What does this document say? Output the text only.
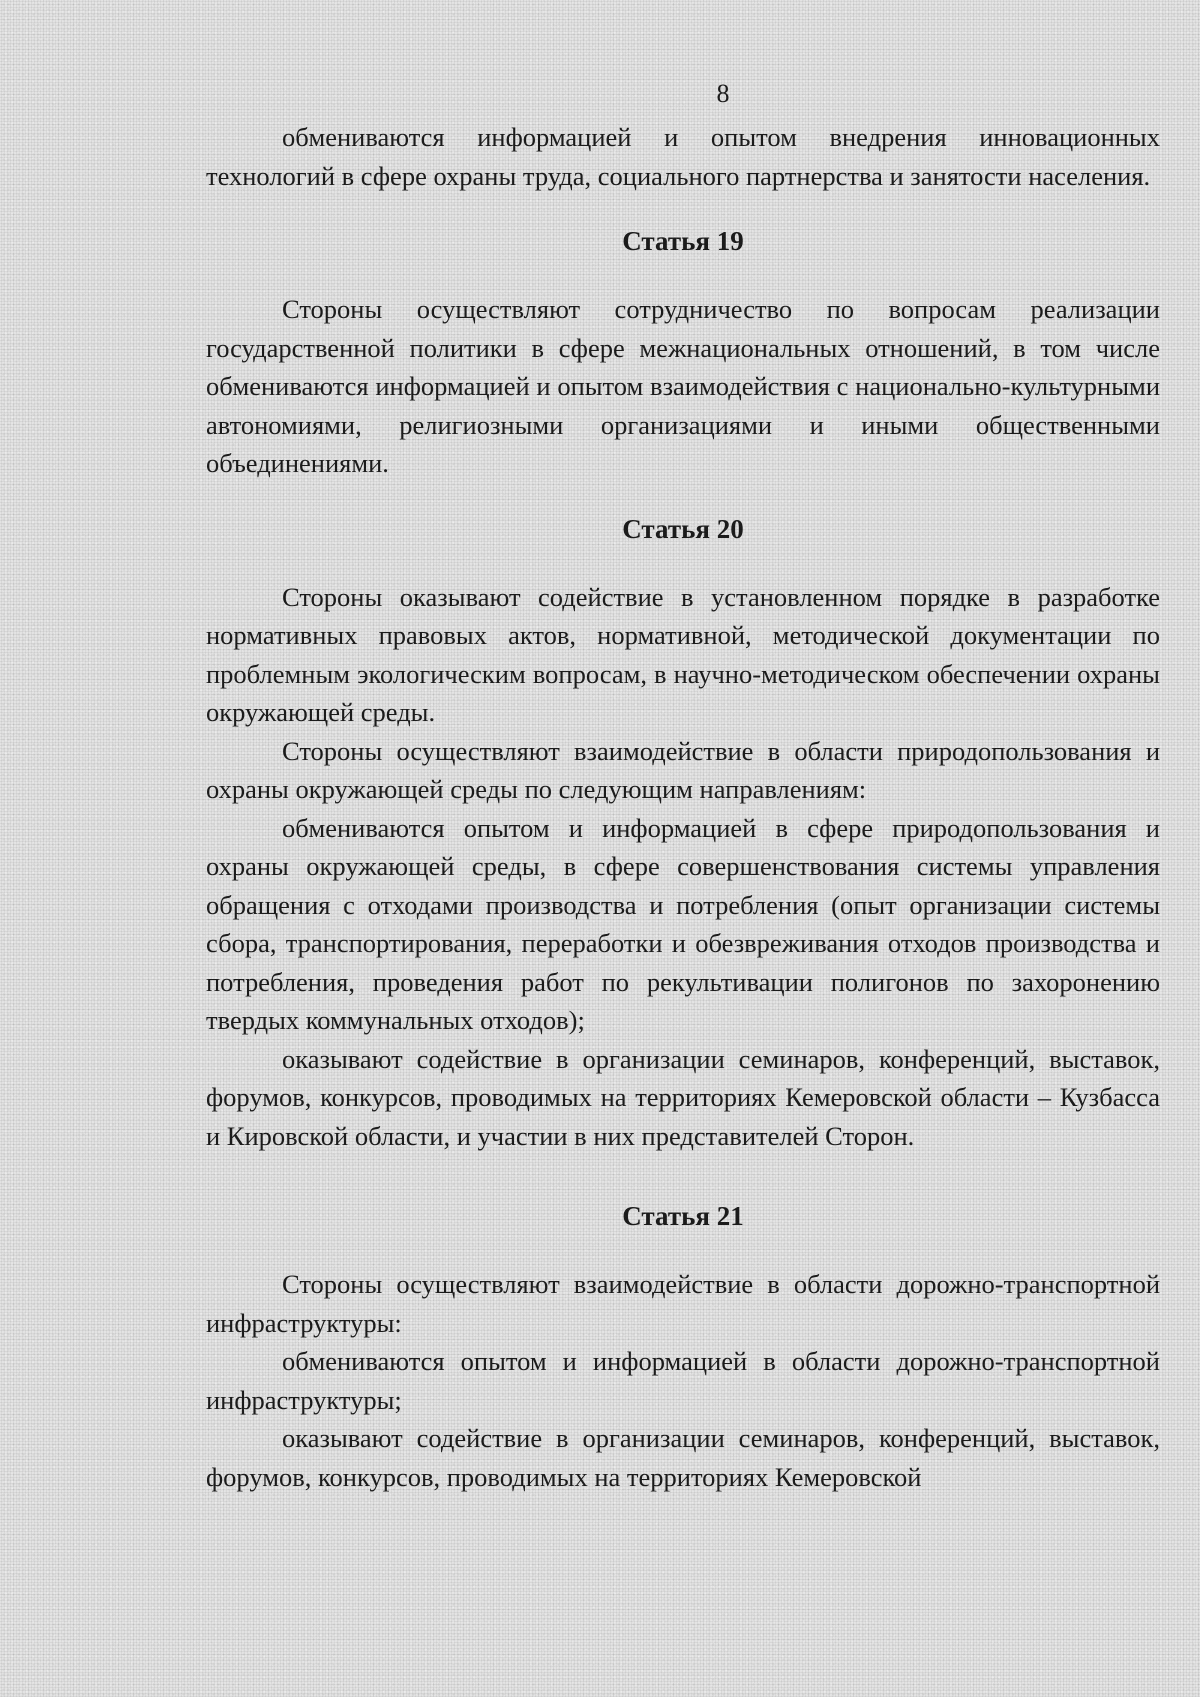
8

обмениваются информацией и опытом внедрения инновационных технологий в сфере охраны труда, социального партнерства и занятости населения.

Статья 19

Стороны осуществляют сотрудничество по вопросам реализации государственной политики в сфере межнациональных отношений, в том числе обмениваются информацией и опытом взаимодействия с национально-культурными автономиями, религиозными организациями и иными общественными объединениями.

Статья 20

Стороны оказывают содействие в установленном порядке в разработке нормативных правовых актов, нормативной, методической документации по проблемным экологическим вопросам, в научно-методическом обеспечении охраны окружающей среды.

Стороны осуществляют взаимодействие в области природопользования и охраны окружающей среды по следующим направлениям:

обмениваются опытом и информацией в сфере природопользования и охраны окружающей среды, в сфере совершенствования системы управления обращения с отходами производства и потребления (опыт организации системы сбора, транспортирования, переработки и обезвреживания отходов производства и потребления, проведения работ по рекультивации полигонов по захоронению твердых коммунальных отходов);

оказывают содействие в организации семинаров, конференций, выставок, форумов, конкурсов, проводимых на территориях Кемеровской области – Кузбасса и Кировской области, и участии в них представителей Сторон.

Статья 21

Стороны осуществляют взаимодействие в области дорожно-транспортной инфраструктуры:

обмениваются опытом и информацией в области дорожно-транспортной инфраструктуры;

оказывают содействие в организации семинаров, конференций, выставок, форумов, конкурсов, проводимых на территориях Кемеровской
